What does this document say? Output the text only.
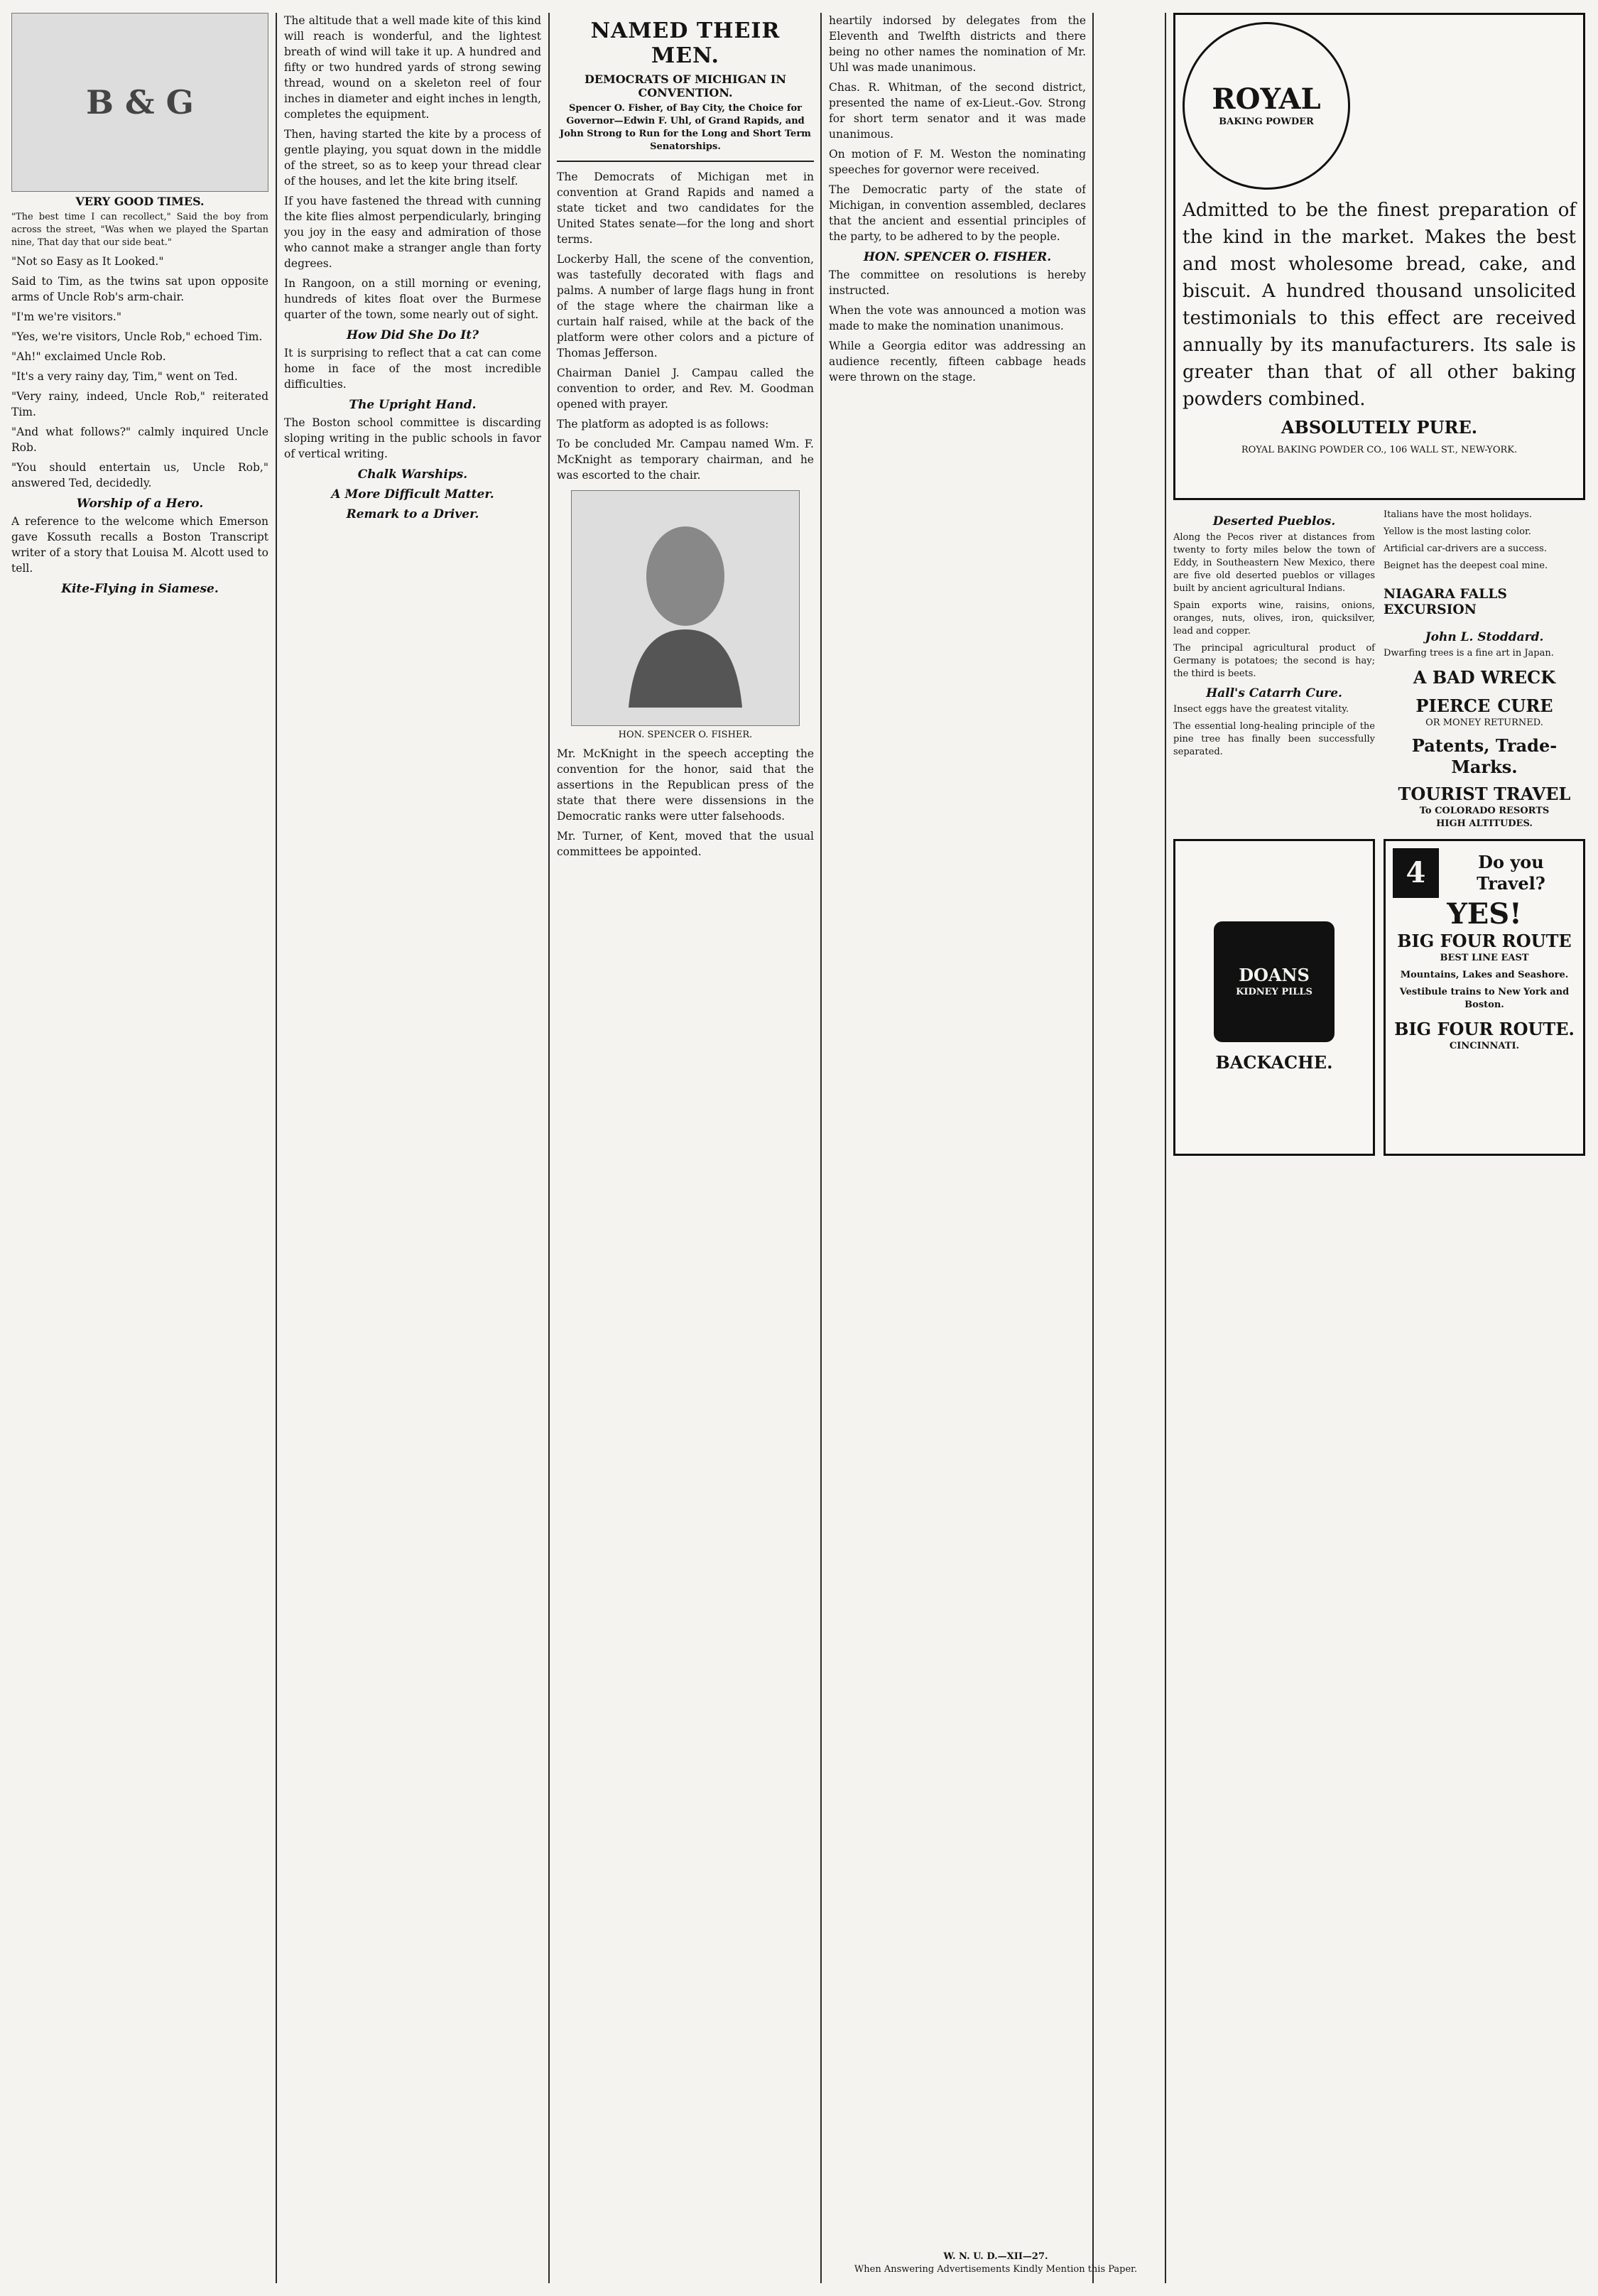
B & G
VERY GOOD TIMES.

"The best time I can recollect," Said the boy from across the street, "Was when we played the Spartan nine, That day that our side beat."

"Not so Easy as It Looked."

Said to Tim, as the twins sat upon opposite arms of Uncle Rob's arm-chair.

"I'm we're visitors."

"Yes, we're visitors, Uncle Rob," echoed Tim.

"Ah!" exclaimed Uncle Rob.

"It's a very rainy day, Tim," went on Ted.

"Very rainy, indeed, Uncle Rob," reiterated Tim.

"And what follows?" calmly inquired Uncle Rob.

"You should entertain us, Uncle Rob," answered Ted, decidedly.

Worship of a Hero.

A reference to the welcome which Emerson gave Kossuth recalls a Boston Transcript writer of a story that Louisa M. Alcott used to tell.

Kite-Flying in Siamese.

The altitude that a well made kite of this kind will reach is wonderful, and the lightest breath of wind will take it up. A hundred and fifty or two hundred yards of strong sewing thread, wound on a skeleton reel of four inches in diameter and eight inches in length, completes the equipment.

Then, having started the kite by a process of gentle playing, you squat down in the middle of the street, so as to keep your thread clear of the houses, and let the kite bring itself.

If you have fastened the thread with cunning the kite flies almost perpendicularly, bringing you joy in the easy and admiration of those who cannot make a stranger angle than forty degrees.

In Rangoon, on a still morning or evening, hundreds of kites float over the Burmese quarter of the town, some nearly out of sight.

How Did She Do It?

It is surprising to reflect that a cat can come home in face of the most incredible difficulties.

The Upright Hand.

The Boston school committee is discarding sloping writing in the public schools in favor of vertical writing.

Chalk Warships.
A More Difficult Matter.
Remark to a Driver.
NAMED THEIR MEN.
DEMOCRATS OF MICHIGAN IN CONVENTION.

Spencer O. Fisher, of Bay City, the Choice for Governor—Edwin F. Uhl, of Grand Rapids, and John Strong to Run for the Long and Short Term Senatorships.

The Democrats of Michigan met in convention at Grand Rapids and named a state ticket and two candidates for the United States senate—for the long and short terms.

Lockerby Hall, the scene of the convention, was tastefully decorated with flags and palms. A number of large flags hung in front of the stage where the chairman like a curtain half raised, while at the back of the platform were other colors and a picture of Thomas Jefferson.

Chairman Daniel J. Campau called the convention to order, and Rev. M. Goodman opened with prayer.

The platform as adopted is as follows:

To be concluded Mr. Campau named Wm. F. McKnight as temporary chairman, and he was escorted to the chair.

HON. SPENCER O. FISHER.

Mr. McKnight in the speech accepting the convention for the honor, said that the assertions in the Republican press of the state that there were dissensions in the Democratic ranks were utter falsehoods.

Mr. Turner, of Kent, moved that the usual committees be appointed.

heartily indorsed by delegates from the Eleventh and Twelfth districts and there being no other names the nomination of Mr. Uhl was made unanimous.

Chas. R. Whitman, of the second district, presented the name of ex-Lieut.-Gov. Strong for short term senator and it was made unanimous.

On motion of F. M. Weston the nominating speeches for governor were received.

The Democratic party of the state of Michigan, in convention assembled, declares that the ancient and essential principles of the party, to be adhered to by the people.

HON. SPENCER O. FISHER.

The committee on resolutions is hereby instructed.

When the vote was announced a motion was made to make the nomination unanimous.

While a Georgia editor was addressing an audience recently, fifteen cabbage heads were thrown on the stage.

ROYAL
BAKING POWDER

Admitted to be the finest preparation of the kind in the market. Makes the best and most wholesome bread, cake, and biscuit. A hundred thousand unsolicited testimonials to this effect are received annually by its manufacturers. Its sale is greater than that of all other baking powders combined.

ABSOLUTELY PURE.
ROYAL BAKING POWDER CO., 106 WALL ST., NEW-YORK.
Deserted Pueblos.

Along the Pecos river at distances from twenty to forty miles below the town of Eddy, in Southeastern New Mexico, there are five old deserted pueblos or villages built by ancient agricultural Indians.

Spain exports wine, raisins, onions, oranges, nuts, olives, iron, quicksilver, lead and copper.

The principal agricultural product of Germany is potatoes; the second is hay; the third is beets.

Hall's Catarrh Cure.

Insect eggs have the greatest vitality.

The essential long-healing principle of the pine tree has finally been successfully separated.

Italians have the most holidays.

Yellow is the most lasting color.

Artificial car-drivers are a success.

Beignet has the deepest coal mine.

NIAGARA FALLS EXCURSION
John L. Stoddard.

Dwarfing trees is a fine art in Japan.

A BAD WRECK
PIERCE CURE
OR MONEY RETURNED.
Patents, Trade-Marks.
TOURIST TRAVEL
To COLORADO RESORTS
HIGH ALTITUDES.
DOANS
KIDNEY PILLS
BACKACHE.
4	Do you Travel?
YES!
BIG FOUR ROUTE
BEST LINE EAST
Mountains, Lakes and Seashore.
Vestibule trains to New York and Boston.
BIG FOUR ROUTE.
CINCINNATI.
W. N. U. D.—XII—27.
When Answering Advertisements Kindly Mention this Paper.
